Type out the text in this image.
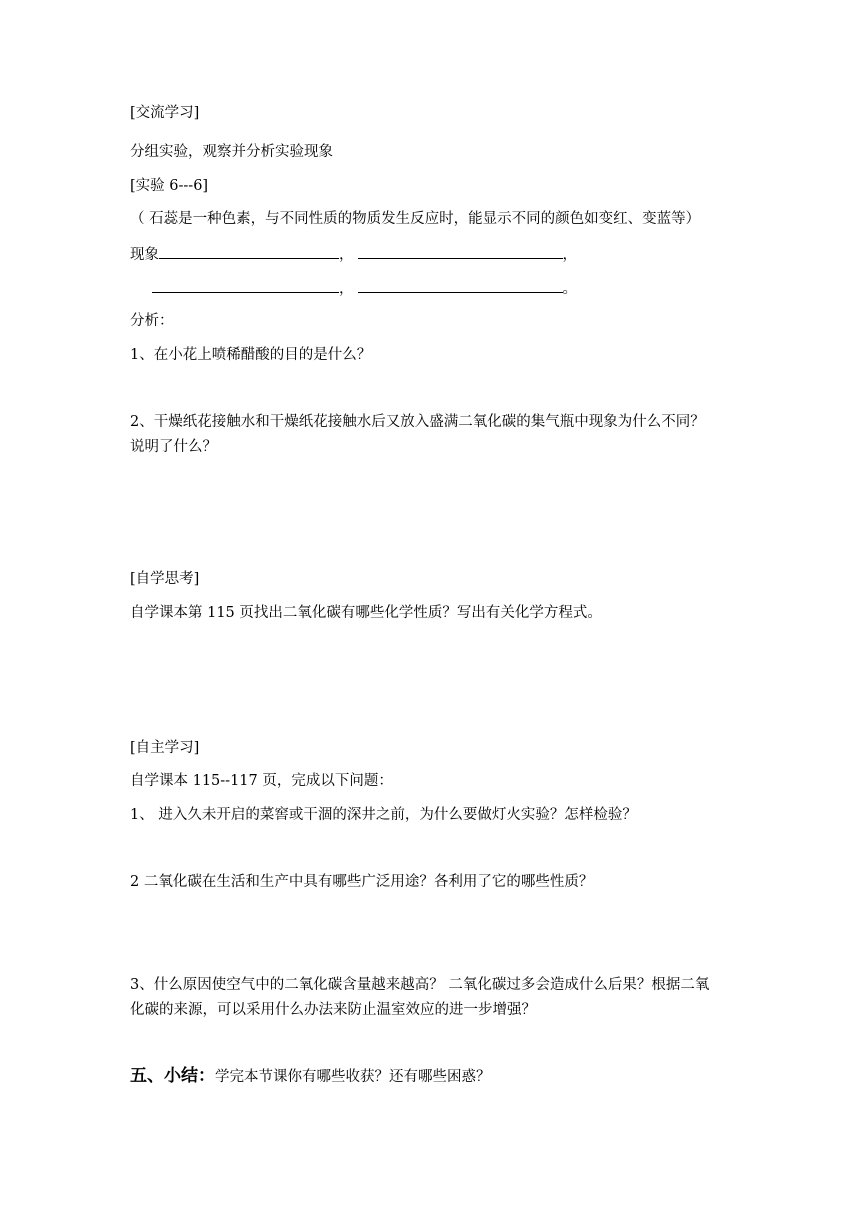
[交流学习]
分组实验，观察并分析实验现象
[实验 6---6]
（ 石蕊是一种色素，与不同性质的物质发生反应时，能显示不同的颜色如变红、变蓝等）
现象	，	，
，	。
分析：
1、在小花上喷稀醋酸的目的是什么？
2、干燥纸花接触水和干燥纸花接触水后又放入盛满二氧化碳的集气瓶中现象为什么不同？
说明了什么？
[自学思考]
自学课本第 115 页找出二氧化碳有哪些化学性质？写出有关化学方程式。
[自主学习]
自学课本 115--117 页，完成以下问题：
1、 进入久未开启的菜窖或干涸的深井之前，为什么要做灯火实验？怎样检验？
2 二氧化碳在生活和生产中具有哪些广泛用途？各利用了它的哪些性质？
3、什么原因使空气中的二氧化碳含量越来越高？ 二氧化碳过多会造成什么后果？根据二氧
化碳的来源，可以采用什么办法来防止温室效应的进一步增强？
五、小结：学完本节课你有哪些收获？还有哪些困惑？
